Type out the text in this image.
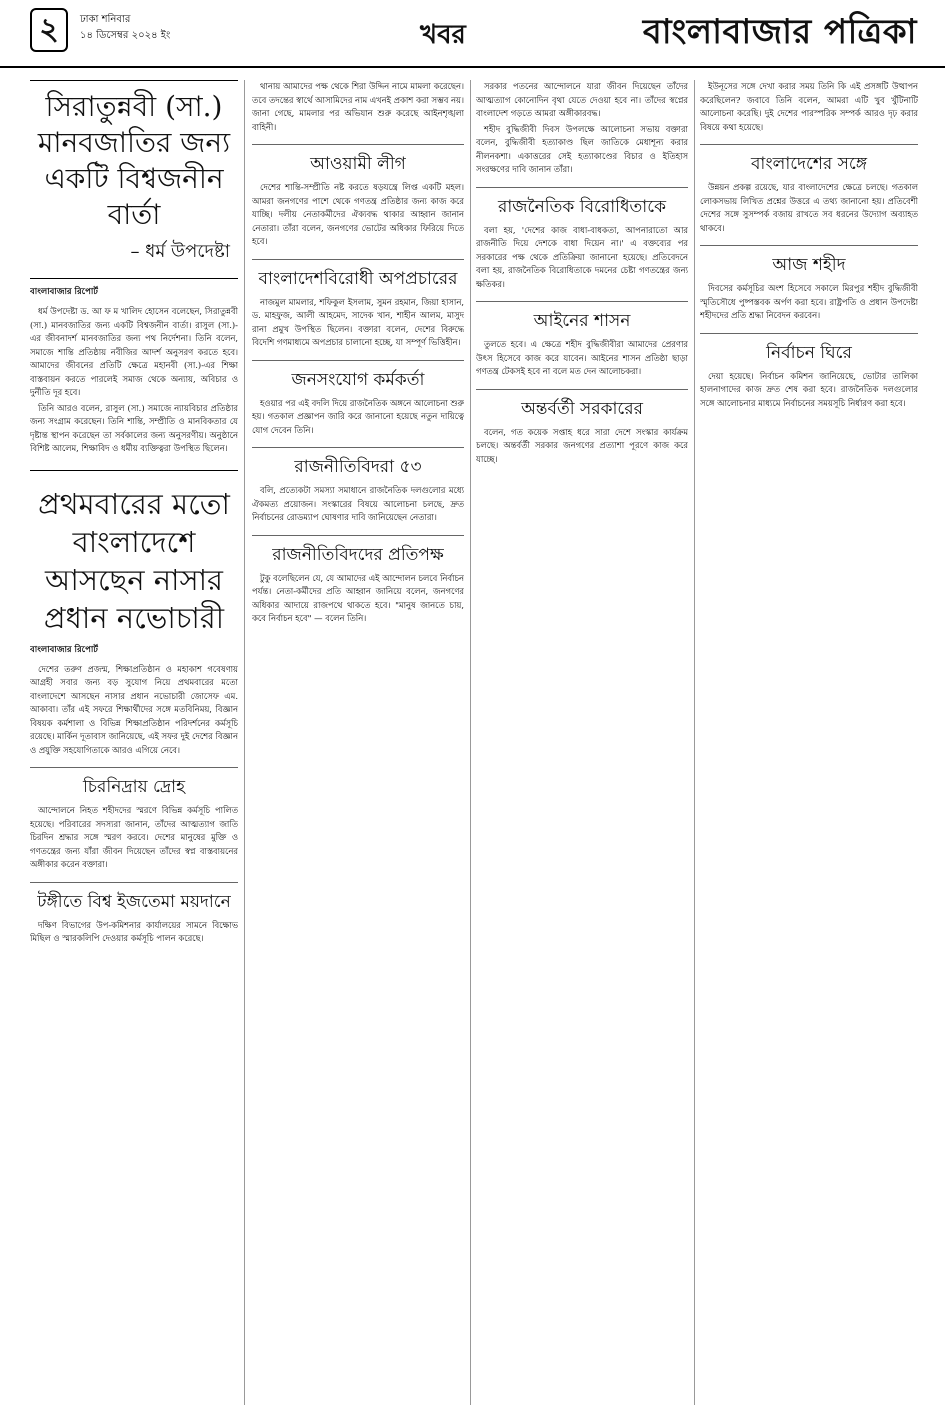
২	ঢাকা শনিবার
১৪ ডিসেম্বর ২০২৪ ইং	খবর	বাংলাবাজার পত্রিকা
সিরাতুন্নবী (সা.) মানবজাতির জন্য একটি বিশ্বজনীন বার্তা
– ধর্ম উপদেষ্টা
বাংলাবাজার রিপোর্ট

ধর্ম উপদেষ্টা ড. আ ফ ম খালিদ হোসেন বলেছেন, সিরাতুন্নবী (সা.) মানবজাতির জন্য একটি বিশ্বজনীন বার্তা। রাসুল (সা.)-এর জীবনাদর্শ মানবজাতির জন্য পথ নির্দেশনা। তিনি বলেন, সমাজে শান্তি প্রতিষ্ঠায় নবীজির আদর্শ অনুসরণ করতে হবে। আমাদের জীবনের প্রতিটি ক্ষেত্রে মহানবী (সা.)-এর শিক্ষা বাস্তবায়ন করতে পারলেই সমাজ থেকে অন্যায়, অবিচার ও দুর্নীতি দূর হবে।

তিনি আরও বলেন, রাসুল (সা.) সমাজে ন্যায়বিচার প্রতিষ্ঠার জন্য সংগ্রাম করেছেন। তিনি শান্তি, সম্প্রীতি ও মানবিকতার যে দৃষ্টান্ত স্থাপন করেছেন তা সর্বকালের জন্য অনুসরণীয়। অনুষ্ঠানে বিশিষ্ট আলেম, শিক্ষাবিদ ও ধর্মীয় ব্যক্তিত্বরা উপস্থিত ছিলেন।

প্রথমবারের মতো বাংলাদেশে আসছেন নাসার প্রধান নভোচারী
বাংলাবাজার রিপোর্ট

দেশের তরুণ প্রজন্ম, শিক্ষাপ্রতিষ্ঠান ও মহাকাশ গবেষণায় আগ্রহী সবার জন্য বড় সুযোগ নিয়ে প্রথমবারের মতো বাংলাদেশে আসছেন নাসার প্রধান নভোচারী জোসেফ এম. আকাবা। তাঁর এই সফরে শিক্ষার্থীদের সঙ্গে মতবিনিময়, বিজ্ঞান বিষয়ক কর্মশালা ও বিভিন্ন শিক্ষাপ্রতিষ্ঠান পরিদর্শনের কর্মসূচি রয়েছে। মার্কিন দূতাবাস জানিয়েছে, এই সফর দুই দেশের বিজ্ঞান ও প্রযুক্তি সহযোগিতাকে আরও এগিয়ে নেবে।

চিরনিদ্রায় দ্রোহ

আন্দোলনে নিহত শহীদদের স্মরণে বিভিন্ন কর্মসূচি পালিত হয়েছে। পরিবারের সদস্যরা জানান, তাঁদের আত্মত্যাগ জাতি চিরদিন শ্রদ্ধার সঙ্গে স্মরণ করবে। দেশের মানুষের মুক্তি ও গণতন্ত্রের জন্য যাঁরা জীবন দিয়েছেন তাঁদের স্বপ্ন বাস্তবায়নের অঙ্গীকার করেন বক্তারা।

টঙ্গীতে বিশ্ব ইজতেমা ময়দানে

দক্ষিণ বিভাগের উপ-কমিশনার কার্যালয়ের সামনে বিক্ষোভ মিছিল ও স্মারকলিপি দেওয়ার কর্মসূচি পালন করেছে।

থানায় আমাদের পক্ষ থেকে শিরা উদ্দিন নামে মামলা করেছেন। তবে তদন্তের স্বার্থে আসামিদের নাম এখনই প্রকাশ করা সম্ভব নয়। জানা গেছে, মামলার পর অভিযান শুরু করেছে আইনশৃঙ্খলা বাহিনী।

আওয়ামী লীগ

দেশের শান্তি-সম্প্রীতি নষ্ট করতে ষড়যন্ত্রে লিপ্ত একটি মহল। আমরা জনগণের পাশে থেকে গণতন্ত্র প্রতিষ্ঠার জন্য কাজ করে যাচ্ছি। দলীয় নেতাকর্মীদের ঐক্যবদ্ধ থাকার আহ্বান জানান নেতারা। তাঁরা বলেন, জনগণের ভোটের অধিকার ফিরিয়ে দিতে হবে।

বাংলাদেশবিরোধী অপপ্রচারের

নাজমুল মামলার, শফিকুল ইসলাম, সুমন রহমান, জিয়া হাসান, ড. মাহফুজ, আলী আহমেদ, সাদেক খান, শাহীন আলম, মাসুদ রানা প্রমুখ উপস্থিত ছিলেন। বক্তারা বলেন, দেশের বিরুদ্ধে বিদেশি গণমাধ্যমে অপপ্রচার চালানো হচ্ছে, যা সম্পূর্ণ ভিত্তিহীন।

জনসংযোগ কর্মকর্তা

হওয়ার পর এই বদলি দিয়ে রাজনৈতিক অঙ্গনে আলোচনা শুরু হয়। গতকাল প্রজ্ঞাপন জারি করে জানানো হয়েছে নতুন দায়িত্বে যোগ দেবেন তিনি।

রাজনীতিবিদরা ৫৩

বলি, প্রত্যেকটা সমস্যা সমাধানে রাজনৈতিক দলগুলোর মধ্যে ঐকমত্য প্রয়োজন। সংস্কারের বিষয়ে আলোচনা চলছে, দ্রুত নির্বাচনের রোডম্যাপ ঘোষণার দাবি জানিয়েছেন নেতারা।

রাজনীতিবিদদের প্রতিপক্ষ

টুকু বলেছিলেন যে, যে আমাদের এই আন্দোলন চলবে নির্বাচন পর্যন্ত। নেতা-কর্মীদের প্রতি আহ্বান জানিয়ে বলেন, জনগণের অধিকার আদায়ে রাজপথে থাকতে হবে। "মানুষ জানতে চায়, কবে নির্বাচন হবে" — বলেন তিনি।

সরকার পতনের আন্দোলনে যারা জীবন দিয়েছেন তাঁদের আত্মত্যাগ কোনোদিন বৃথা যেতে দেওয়া হবে না। তাঁদের স্বপ্নের বাংলাদেশ গড়তে আমরা অঙ্গীকারবদ্ধ।

শহীদ বুদ্ধিজীবী দিবস উপলক্ষে আলোচনা সভায় বক্তারা বলেন, বুদ্ধিজীবী হত্যাকাণ্ড ছিল জাতিকে মেধাশূন্য করার নীলনকশা। একাত্তরের সেই হত্যাকাণ্ডের বিচার ও ইতিহাস সংরক্ষণের দাবি জানান তাঁরা।

রাজনৈতিক বিরোধিতাকে

বলা হয়, 'দেশের কাজ বাধা-বাধকতা, আপনারাতো আর রাজনীতি দিয়ে দেশকে বাধা দিয়েন না।' এ বক্তব্যের পর সরকারের পক্ষ থেকে প্রতিক্রিয়া জানানো হয়েছে। প্রতিবেদনে বলা হয়, রাজনৈতিক বিরোধিতাকে দমনের চেষ্টা গণতন্ত্রের জন্য ক্ষতিকর।

আইনের শাসন

তুলতে হবে। এ ক্ষেত্রে শহীদ বুদ্ধিজীবীরা আমাদের প্রেরণার উৎস হিসেবে কাজ করে যাবেন। আইনের শাসন প্রতিষ্ঠা ছাড়া গণতন্ত্র টেকসই হবে না বলে মত দেন আলোচকরা।

অন্তর্বর্তী সরকারের

বলেন, গত কয়েক সপ্তাহ ধরে সারা দেশে সংস্কার কার্যক্রম চলছে। অন্তর্বর্তী সরকার জনগণের প্রত্যাশা পূরণে কাজ করে যাচ্ছে।

ইউনূসের সঙ্গে দেখা করার সময় তিনি কি এই প্রসঙ্গটি উত্থাপন করেছিলেন? জবাবে তিনি বলেন, আমরা এটি খুব খুঁটিনাটি আলোচনা করেছি। দুই দেশের পারস্পরিক সম্পর্ক আরও দৃঢ় করার বিষয়ে কথা হয়েছে।

বাংলাদেশের সঙ্গে

উন্নয়ন প্রকল্প রয়েছে, যার বাংলাদেশের ক্ষেত্রে চলছে। গতকাল লোকসভায় লিখিত প্রশ্নের উত্তরে এ তথ্য জানানো হয়। প্রতিবেশী দেশের সঙ্গে সুসম্পর্ক বজায় রাখতে সব ধরনের উদ্যোগ অব্যাহত থাকবে।

আজ শহীদ

দিবসের কর্মসূচির অংশ হিসেবে সকালে মিরপুর শহীদ বুদ্ধিজীবী স্মৃতিসৌধে পুষ্পস্তবক অর্পণ করা হবে। রাষ্ট্রপতি ও প্রধান উপদেষ্টা শহীদদের প্রতি শ্রদ্ধা নিবেদন করবেন।

নির্বাচন ঘিরে

দেয়া হয়েছে। নির্বাচন কমিশন জানিয়েছে, ভোটার তালিকা হালনাগাদের কাজ দ্রুত শেষ করা হবে। রাজনৈতিক দলগুলোর সঙ্গে আলোচনার মাধ্যমে নির্বাচনের সময়সূচি নির্ধারণ করা হবে।
